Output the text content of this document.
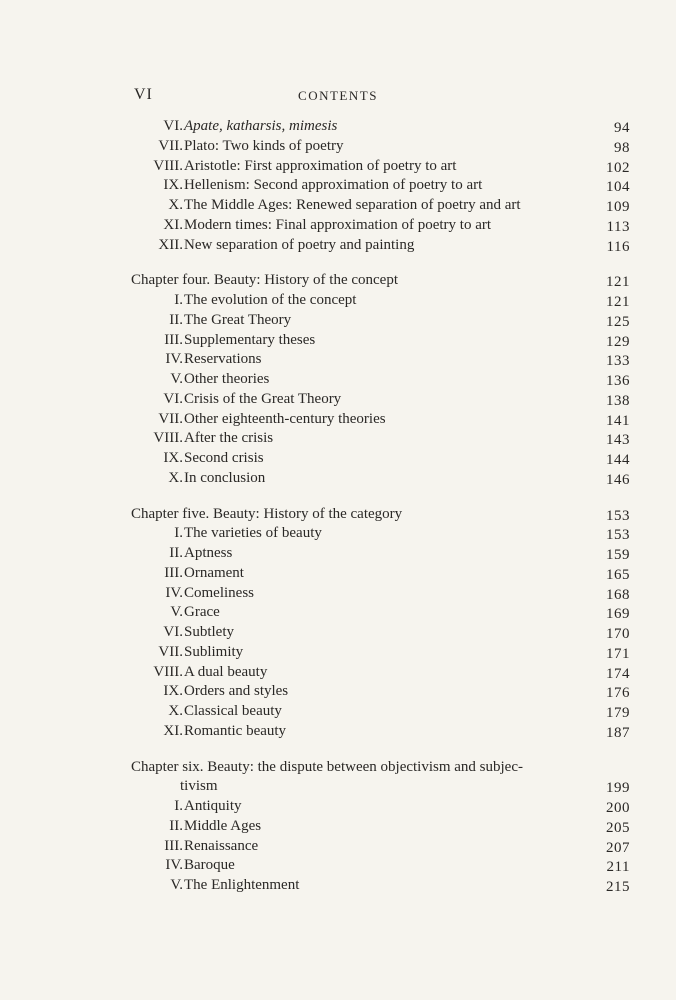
VI	CONTENTS
VI. Apate, katharsis, mimesis	94
VII. Plato: Two kinds of poetry	98
VIII. Aristotle: First approximation of poetry to art	102
IX. Hellenism: Second approximation of poetry to art	104
X. The Middle Ages: Renewed separation of poetry and art	109
XI. Modern times: Final approximation of poetry to art	113
XII. New separation of poetry and painting	116
Chapter four. Beauty: History of the concept	121
I. The evolution of the concept	121
II. The Great Theory	125
III. Supplementary theses	129
IV. Reservations	133
V. Other theories	136
VI. Crisis of the Great Theory	138
VII. Other eighteenth-century theories	141
VIII. After the crisis	143
IX. Second crisis	144
X. In conclusion	146
Chapter five. Beauty: History of the category	153
I. The varieties of beauty	153
II. Aptness	159
III. Ornament	165
IV. Comeliness	168
V. Grace	169
VI. Subtlety	170
VII. Sublimity	171
VIII. A dual beauty	174
IX. Orders and styles	176
X. Classical beauty	179
XI. Romantic beauty	187
Chapter six. Beauty: the dispute between objectivism and subjec-
tivism	199
I. Antiquity	200
II. Middle Ages	205
III. Renaissance	207
IV. Baroque	211
V. The Enlightenment	215
